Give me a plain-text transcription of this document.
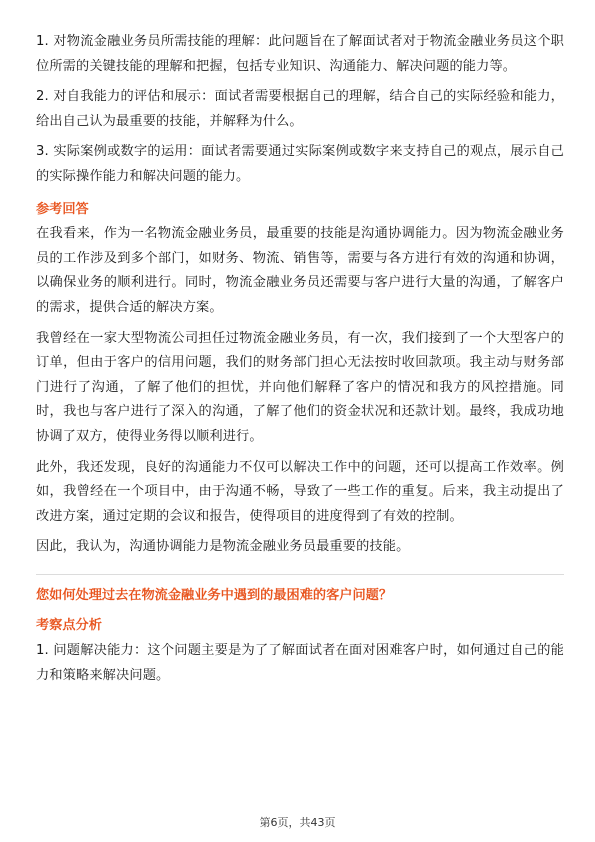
1. 对物流金融业务员所需技能的理解：此问题旨在了解面试者对于物流金融业务员这个职位所需的关键技能的理解和把握，包括专业知识、沟通能力、解决问题的能力等。

2. 对自我能力的评估和展示：面试者需要根据自己的理解，结合自己的实际经验和能力，给出自己认为最重要的技能，并解释为什么。

3. 实际案例或数字的运用：面试者需要通过实际案例或数字来支持自己的观点，展示自己的实际操作能力和解决问题的能力。

参考回答

在我看来，作为一名物流金融业务员，最重要的技能是沟通协调能力。因为物流金融业务员的工作涉及到多个部门，如财务、物流、销售等，需要与各方进行有效的沟通和协调，以确保业务的顺利进行。同时，物流金融业务员还需要与客户进行大量的沟通，了解客户的需求，提供合适的解决方案。

我曾经在一家大型物流公司担任过物流金融业务员，有一次，我们接到了一个大型客户的订单，但由于客户的信用问题，我们的财务部门担心无法按时收回款项。我主动与财务部门进行了沟通，了解了他们的担忧，并向他们解释了客户的情况和我方的风控措施。同时，我也与客户进行了深入的沟通，了解了他们的资金状况和还款计划。最终，我成功地协调了双方，使得业务得以顺利进行。

此外，我还发现，良好的沟通能力不仅可以解决工作中的问题，还可以提高工作效率。例如，我曾经在一个项目中，由于沟通不畅，导致了一些工作的重复。后来，我主动提出了改进方案，通过定期的会议和报告，使得项目的进度得到了有效的控制。

因此，我认为，沟通协调能力是物流金融业务员最重要的技能。

您如何处理过去在物流金融业务中遇到的最困难的客户问题？
考察点分析

1. 问题解决能力：这个问题主要是为了了解面试者在面对困难客户时，如何通过自己的能力和策略来解决问题。

第6页，共43页
